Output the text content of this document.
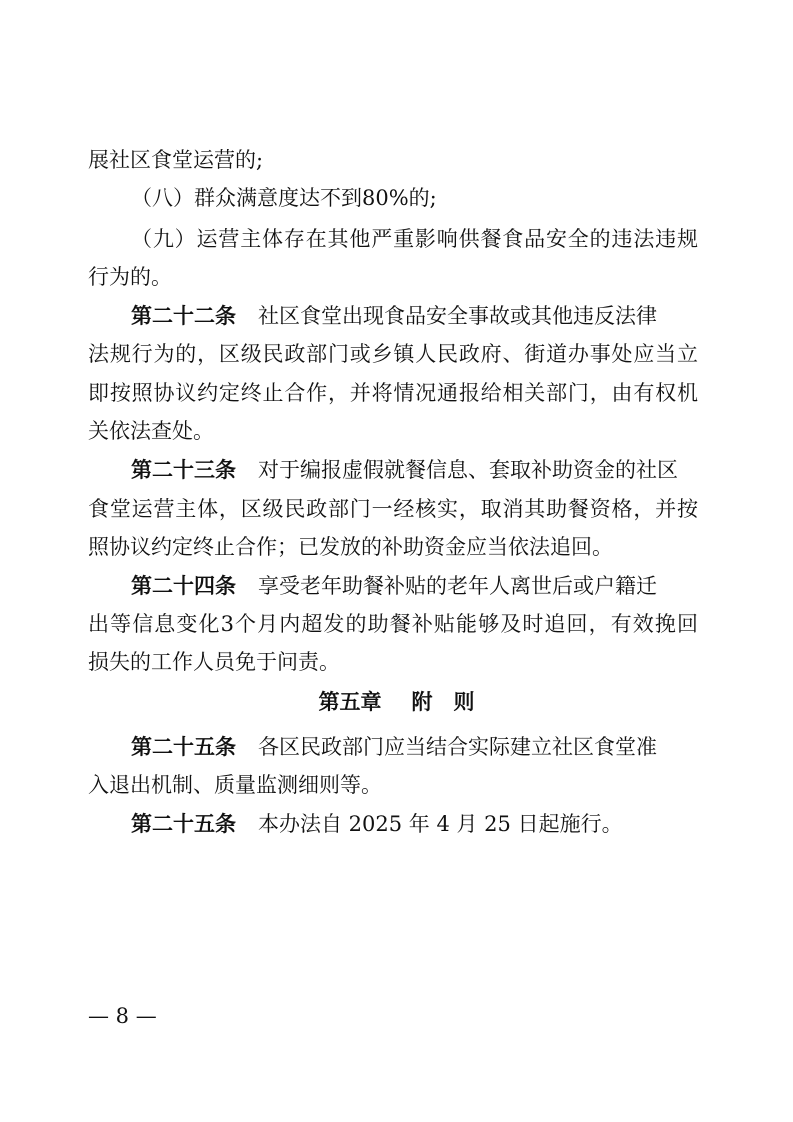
展社区食堂运营的;
（八）群众满意度达不到80%的;
（九）运营主体存在其他严重影响供餐食品安全的违法违规
行为的。
第二十二条 社区食堂出现食品安全事故或其他违反法律
法规行为的，区级民政部门或乡镇人民政府、街道办事处应当立
即按照协议约定终止合作，并将情况通报给相关部门，由有权机
关依法查处。
第二十三条 对于编报虚假就餐信息、套取补助资金的社区
食堂运营主体，区级民政部门一经核实，取消其助餐资格，并按
照协议约定终止合作；已发放的补助资金应当依法追回。
第二十四条 享受老年助餐补贴的老年人离世后或户籍迁
出等信息变化3个月内超发的助餐补贴能够及时追回，有效挽回
损失的工作人员免于问责。
第五章 附　则
第二十五条 各区民政部门应当结合实际建立社区食堂准
入退出机制、质量监测细则等。
第二十五条 本办法自 2025 年 4 月 25 日起施行。
— 8 —
